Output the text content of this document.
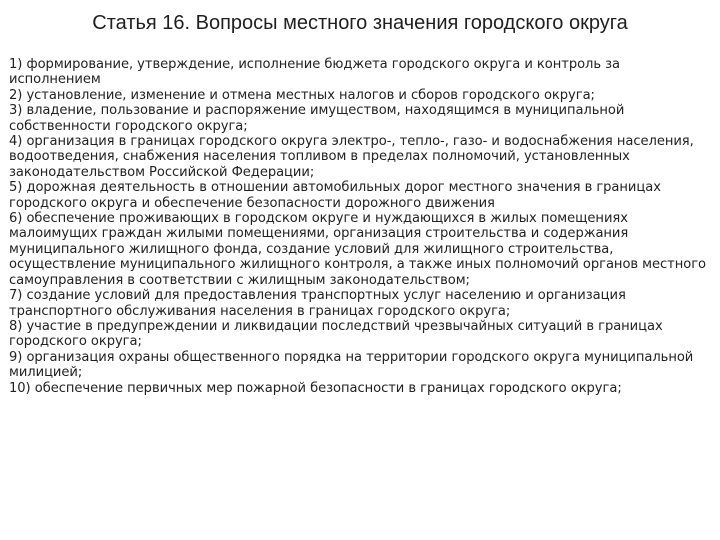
Статья 16. Вопросы местного значения городского округа
1) формирование, утверждение, исполнение бюджета городского округа и контроль за исполнением
2) установление, изменение и отмена местных налогов и сборов городского округа;
3) владение, пользование и распоряжение имуществом, находящимся в муниципальной собственности городского округа;
4) организация в границах городского округа электро-, тепло-, газо- и водоснабжения населения, водоотведения, снабжения населения топливом в пределах полномочий, установленных законодательством Российской Федерации;
5) дорожная деятельность в отношении автомобильных дорог местного значения в границах городского округа и обеспечение безопасности дорожного движения
6) обеспечение проживающих в городском округе и нуждающихся в жилых помещениях малоимущих граждан жилыми помещениями, организация строительства и содержания муниципального жилищного фонда, создание условий для жилищного строительства, осуществление муниципального жилищного контроля, а также иных полномочий органов местного самоуправления в соответствии с жилищным законодательством;
7) создание условий для предоставления транспортных услуг населению и организация транспортного обслуживания населения в границах городского округа;
8) участие в предупреждении и ликвидации последствий чрезвычайных ситуаций в границах городского округа;
9) организация охраны общественного порядка на территории городского округа муниципальной милицией;
10) обеспечение первичных мер пожарной безопасности в границах городского округа;
